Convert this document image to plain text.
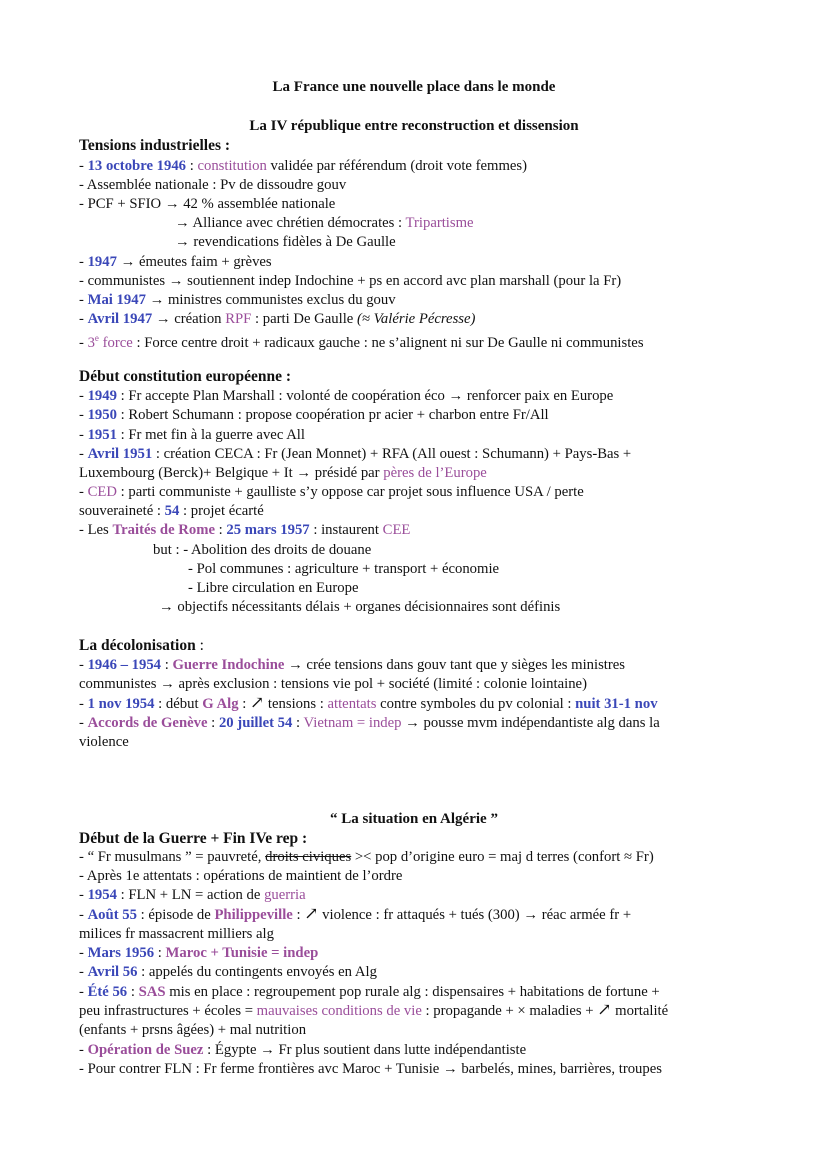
La France une nouvelle place dans le monde
La IV république entre reconstruction et dissension
Tensions industrielles :
Début constitution européenne :
La décolonisation :
“ La situation en Algérie ”
Début de la Guerre + Fin IVe rep :
- 13 octobre 1946 : constitution validée par référendum (droit vote femmes)
- Assemblée nationale : Pv de dissoudre gouv
- PCF + SFIO → 42 % assemblée nationale
→ Alliance avec chrétien démocrates : Tripartisme
→ revendications fidèles à De Gaulle
- 1947 → émeutes faim + grèves
- communistes → soutiennent indep Indochine + ps en accord avc plan marshall (pour la Fr)
- Mai 1947 → ministres communistes exclus du gouv
- Avril 1947 → création RPF : parti De Gaulle (≈ Valérie Pécresse)
- 3e force : Force centre droit + radicaux gauche : ne s’alignent ni sur De Gaulle ni communistes
- 1949 : Fr accepte Plan Marshall : volonté de coopération éco → renforcer paix en Europe
- 1950 : Robert Schumann : propose coopération pr acier + charbon entre Fr/All
- 1951 : Fr met fin à la guerre avec All
- Avril 1951 : création CECA : Fr (Jean Monnet) + RFA (All ouest : Schumann) + Pays-Bas +
Luxembourg (Berck)+ Belgique + It → présidé par pères de l’Europe
- CED : parti communiste + gaulliste s’y oppose car projet sous influence USA / perte
souveraineté : 54 : projet écarté
- Les Traités de Rome : 25 mars 1957 : instaurent CEE
but : - Abolition des droits de douane
- Pol communes : agriculture + transport + économie
- Libre circulation en Europe
→ objectifs nécessitants délais + organes décisionnaires sont définis
- 1946 – 1954 : Guerre Indochine → crée tensions dans gouv tant que y sièges les ministres
communistes → après exclusion : tensions vie pol + société (limité : colonie lointaine)
- 1 nov 1954 : début G Alg : ↗ tensions : attentats contre symboles du pv colonial : nuit 31-1 nov
- Accords de Genève : 20 juillet 54 : Vietnam = indep → pousse mvm indépendantiste alg dans la
violence
- “ Fr musulmans ” = pauvreté, droits civiques >< pop d’origine euro = maj d terres (confort ≈ Fr)
- Après 1e attentats : opérations de maintient de l’ordre
- 1954 : FLN + LN = action de guerria
- Août 55 : épisode de Philippeville : ↗ violence : fr attaqués + tués (300) → réac armée fr +
milices fr massacrent milliers alg
- Mars 1956 : Maroc + Tunisie = indep
- Avril 56 : appelés du contingents envoyés en Alg
- Été 56 : SAS mis en place : regroupement pop rurale alg : dispensaires + habitations de fortune +
peu infrastructures + écoles = mauvaises conditions de vie : propagande + × maladies + ↗ mortalité
(enfants + prsns âgées) + mal nutrition
- Opération de Suez : Égypte → Fr plus soutient dans lutte indépendantiste
- Pour contrer FLN : Fr ferme frontières avc Maroc + Tunisie → barbelés, mines, barrières, troupes
